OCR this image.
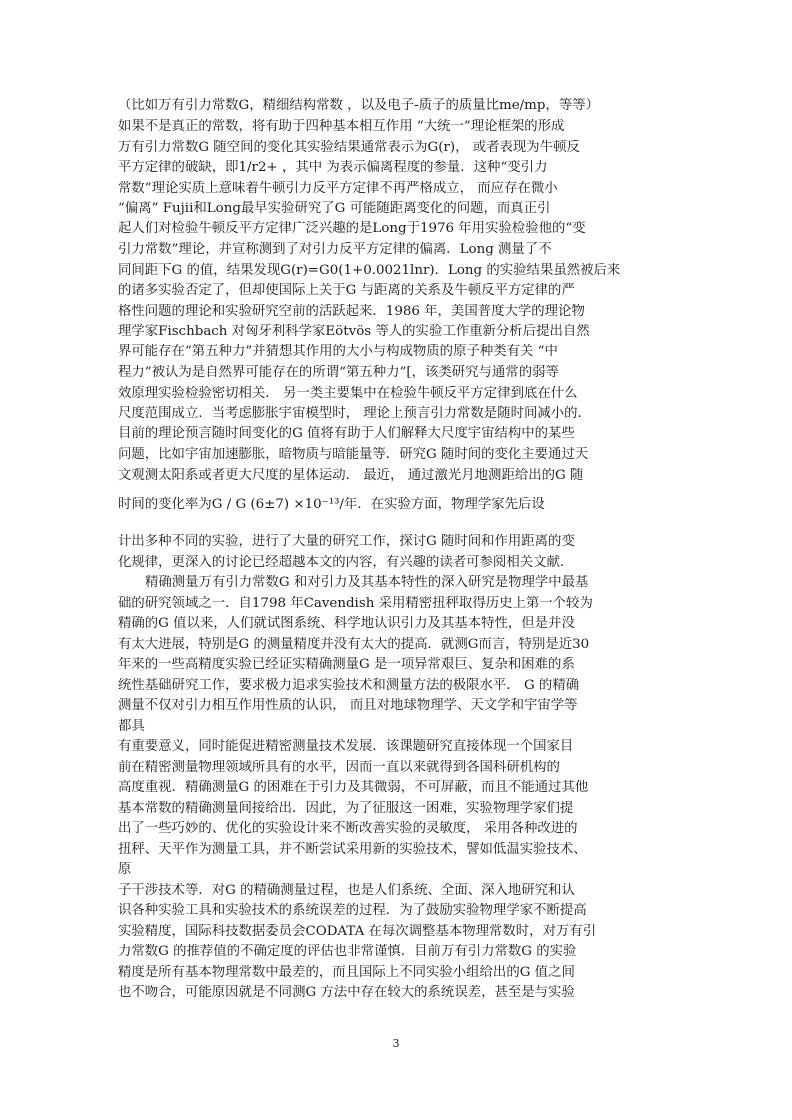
（比如万有引力常数G，精细结构常数 ，以及电子-质子的质量比me/mp，等等）
如果不是真正的常数，将有助于四种基本相互作用 “大统一”理论框架的形成
万有引力常数G 随空间的变化其实验结果通常表示为G(r)， 或者表现为牛顿反
平方定律的破缺，即1/r2+ ，其中 为表示偏离程度的参量．这种“变引力
常数”理论实质上意味着牛顿引力反平方定律不再严格成立， 而应存在微小
“偏离” Fujii和Long最早实验研究了G 可能随距离变化的问题，而真正引
起人们对检验牛顿反平方定律广泛兴趣的是Long于1976 年用实验检验他的“变
引力常数”理论，并宣称测到了对引力反平方定律的偏离．Long 测量了不
同间距下G 的值，结果发现G(r)=G0(1+0.0021lnr)．Long 的实验结果虽然被后来
的诸多实验否定了，但却使国际上关于G 与距离的关系及牛顿反平方定律的严
格性问题的理论和实验研究空前的活跃起来．1986 年，美国普度大学的理论物
理学家Fischbach 对匈牙利科学家Eötvös 等人的实验工作重新分析后提出自然
界可能存在“第五种力”并猜想其作用的大小与构成物质的原子种类有关 “中
程力”被认为是自然界可能存在的所谓“第五种力”[，该类研究与通常的弱等
效原理实验检验密切相关． 另一类主要集中在检验牛顿反平方定律到底在什么
尺度范围成立．当考虑膨胀宇宙模型时， 理论上预言引力常数是随时间减小的．
目前的理论预言随时间变化的G 值将有助于人们解释大尺度宇宙结构中的某些
问题，比如宇宙加速膨胀，暗物质与暗能量等．研究G 随时间的变化主要通过天
文观测太阳系或者更大尺度的星体运动． 最近， 通过激光月地测距给出的G 随
时间的变化率为G / G (6±7) ×10⁻¹³/年．在实验方面，物理学家先后设
计出多种不同的实验，进行了大量的研究工作，探讨G 随时间和作用距离的变
化规律，更深入的讨论已经超越本文的内容，有兴趣的读者可参阅相关文献．
精确测量万有引力常数G 和对引力及其基本特性的深入研究是物理学中最基
础的研究领域之一．自1798 年Cavendish 采用精密扭秤取得历史上第一个较为
精确的G 值以来，人们就试图系统、科学地认识引力及其基本特性，但是并没
有太大进展，特别是G 的测量精度并没有太大的提高．就测G而言，特别是近30
年来的一些高精度实验已经证实精确测量G 是一项异常艰巨、复杂和困难的系
统性基础研究工作，要求极力追求实验技术和测量方法的极限水平． G 的精确
测量不仅对引力相互作用性质的认识， 而且对地球物理学、天文学和宇宙学等
都具
有重要意义，同时能促进精密测量技术发展．该课题研究直接体现一个国家目
前在精密测量物理领域所具有的水平，因而一直以来就得到各国科研机构的
高度重视．精确测量G 的困难在于引力及其微弱，不可屏蔽，而且不能通过其他
基本常数的精确测量间接给出．因此，为了征服这一困难，实验物理学家们提
出了一些巧妙的、优化的实验设计来不断改善实验的灵敏度， 采用各种改进的
扭秤、天平作为测量工具，并不断尝试采用新的实验技术，譬如低温实验技术、
原
子干涉技术等．对G 的精确测量过程，也是人们系统、全面、深入地研究和认
识各种实验工具和实验技术的系统误差的过程．为了鼓励实验物理学家不断提高
实验精度，国际科技数据委员会CODATA 在每次调整基本物理常数时，对万有引
力常数G 的推荐值的不确定度的评估也非常谨慎．目前万有引力常数G 的实验
精度是所有基本物理常数中最差的，而且国际上不同实验小组给出的G 值之间
也不吻合，可能原因就是不同测G 方法中存在较大的系统误差，甚至是与实验
3
